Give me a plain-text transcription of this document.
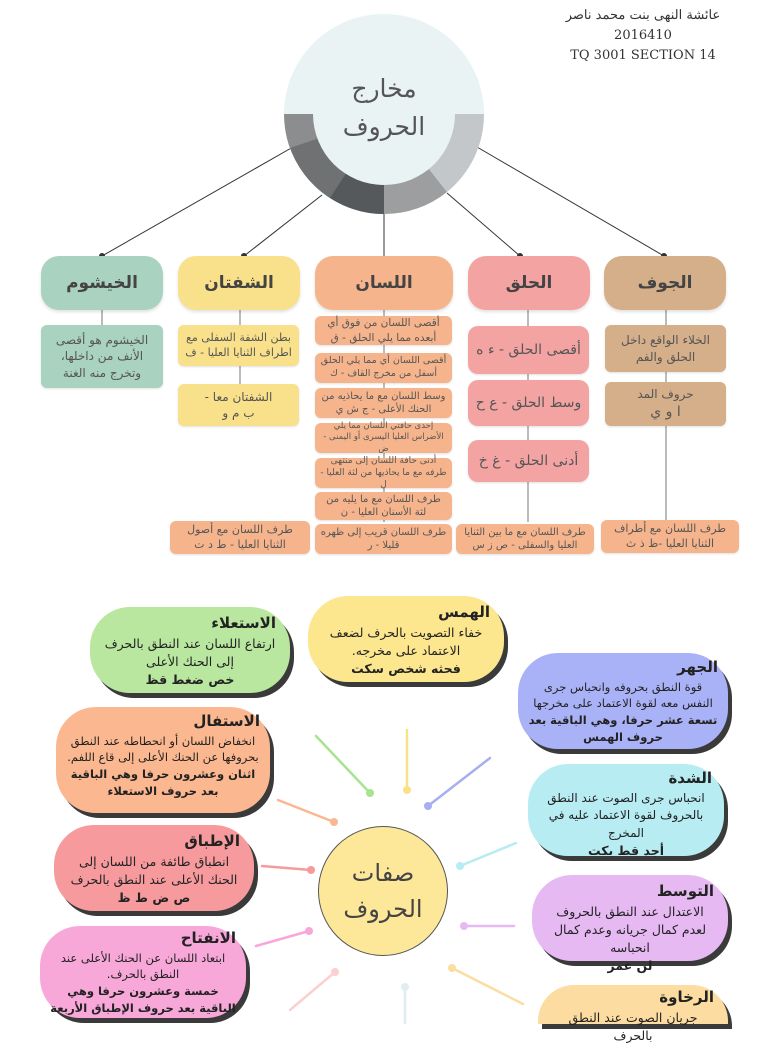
عائشة النهى بنت محمد ناصر
2016410
TQ 3001 SECTION 14
مخارج
الحروف
الجوف
الحلق
اللسان
الشفتان
الخيشوم
الخلاء الواقع داخل الحلق والفم
حروف المد
ا و ي
أقصى الحلق - ء ه
وسط الحلق - ع ح
أدنى الحلق - غ خ
أقصى اللسان من فوق أي أبعده مما يلي الحلق - ق
أقصى اللسان أي مما يلي الحلق أسفل من مخرج القاف - ك
وسط اللسان مع ما يحاذيه من الحنك الأعلى - ج ش ي
إحدى حافتي اللسان مما يلي الأضراس العليا اليسرى أو اليمنى - ض
أدنى حافة اللسان إلى منتهى طرفه مع ما يحاذيها من لثة العليا - ل
طرف اللسان مع ما يليه من لثة الأسنان العليا - ن
طرف اللسان قريب إلى ظهره قليلا - ر
طرف اللسان مع ما بين الثنايا العليا والسفلى - ص ز س
طرف اللسان مع أطراف الثنايا العليا -ظ ذ ث
طرف اللسان مع أصول الثنايا العليا - ط د ت
بطن الشفة السفلى مع اطراف الثنايا العليا - ف
الشفتان معا -
ب م و
الخيشوم هو أقصى الأنف من داخلها، وتخرج منه الغنة
صفات
الحروف
الهمس
خفاء التصويت بالحرف لضعف الاعتماد على مخرجه.
فحثه شخص سكت
الاستعلاء
ارتفاع اللسان عند النطق بالحرف إلى الحنك الأعلى
خص ضغط قظ
الجهر
قوة النطق بحروفه وانحباس جرى النفس معه لقوة الاعتماد على مخرجها
تسعة عشر حرفا، وهي الباقية بعد حروف الهمس
الاستفال
انخفاض اللسان أو انحطاطه عند النطق بحروفها عن الحنك الأعلى إلى قاع اللفم.
اثنان وعشرون حرفا وهي الباقية بعد حروف الاستعلاء
الشدة
انحباس جرى الصوت عند النطق بالحروف لقوة الاعتماد عليه في المخرج
أجد قط بكت
الإطباق
انطباق طائفة من اللسان إلى الحنك الأعلى عند النطق بالحرف
ص ض ط ظ	التوسط
الاعتدال عند النطق بالحروف لعدم كمال جريانه وعدم كمال انحباسه
لن عمر
الانفتاح
ابتعاد اللسان عن الحنك الأعلى عند النطق بالحرف.
خمسة وعشرون حرفا وهي الباقية بعد حروف الإطباق الأربعة
الرخاوة
جريان الصوت عند النطق بالحرف
